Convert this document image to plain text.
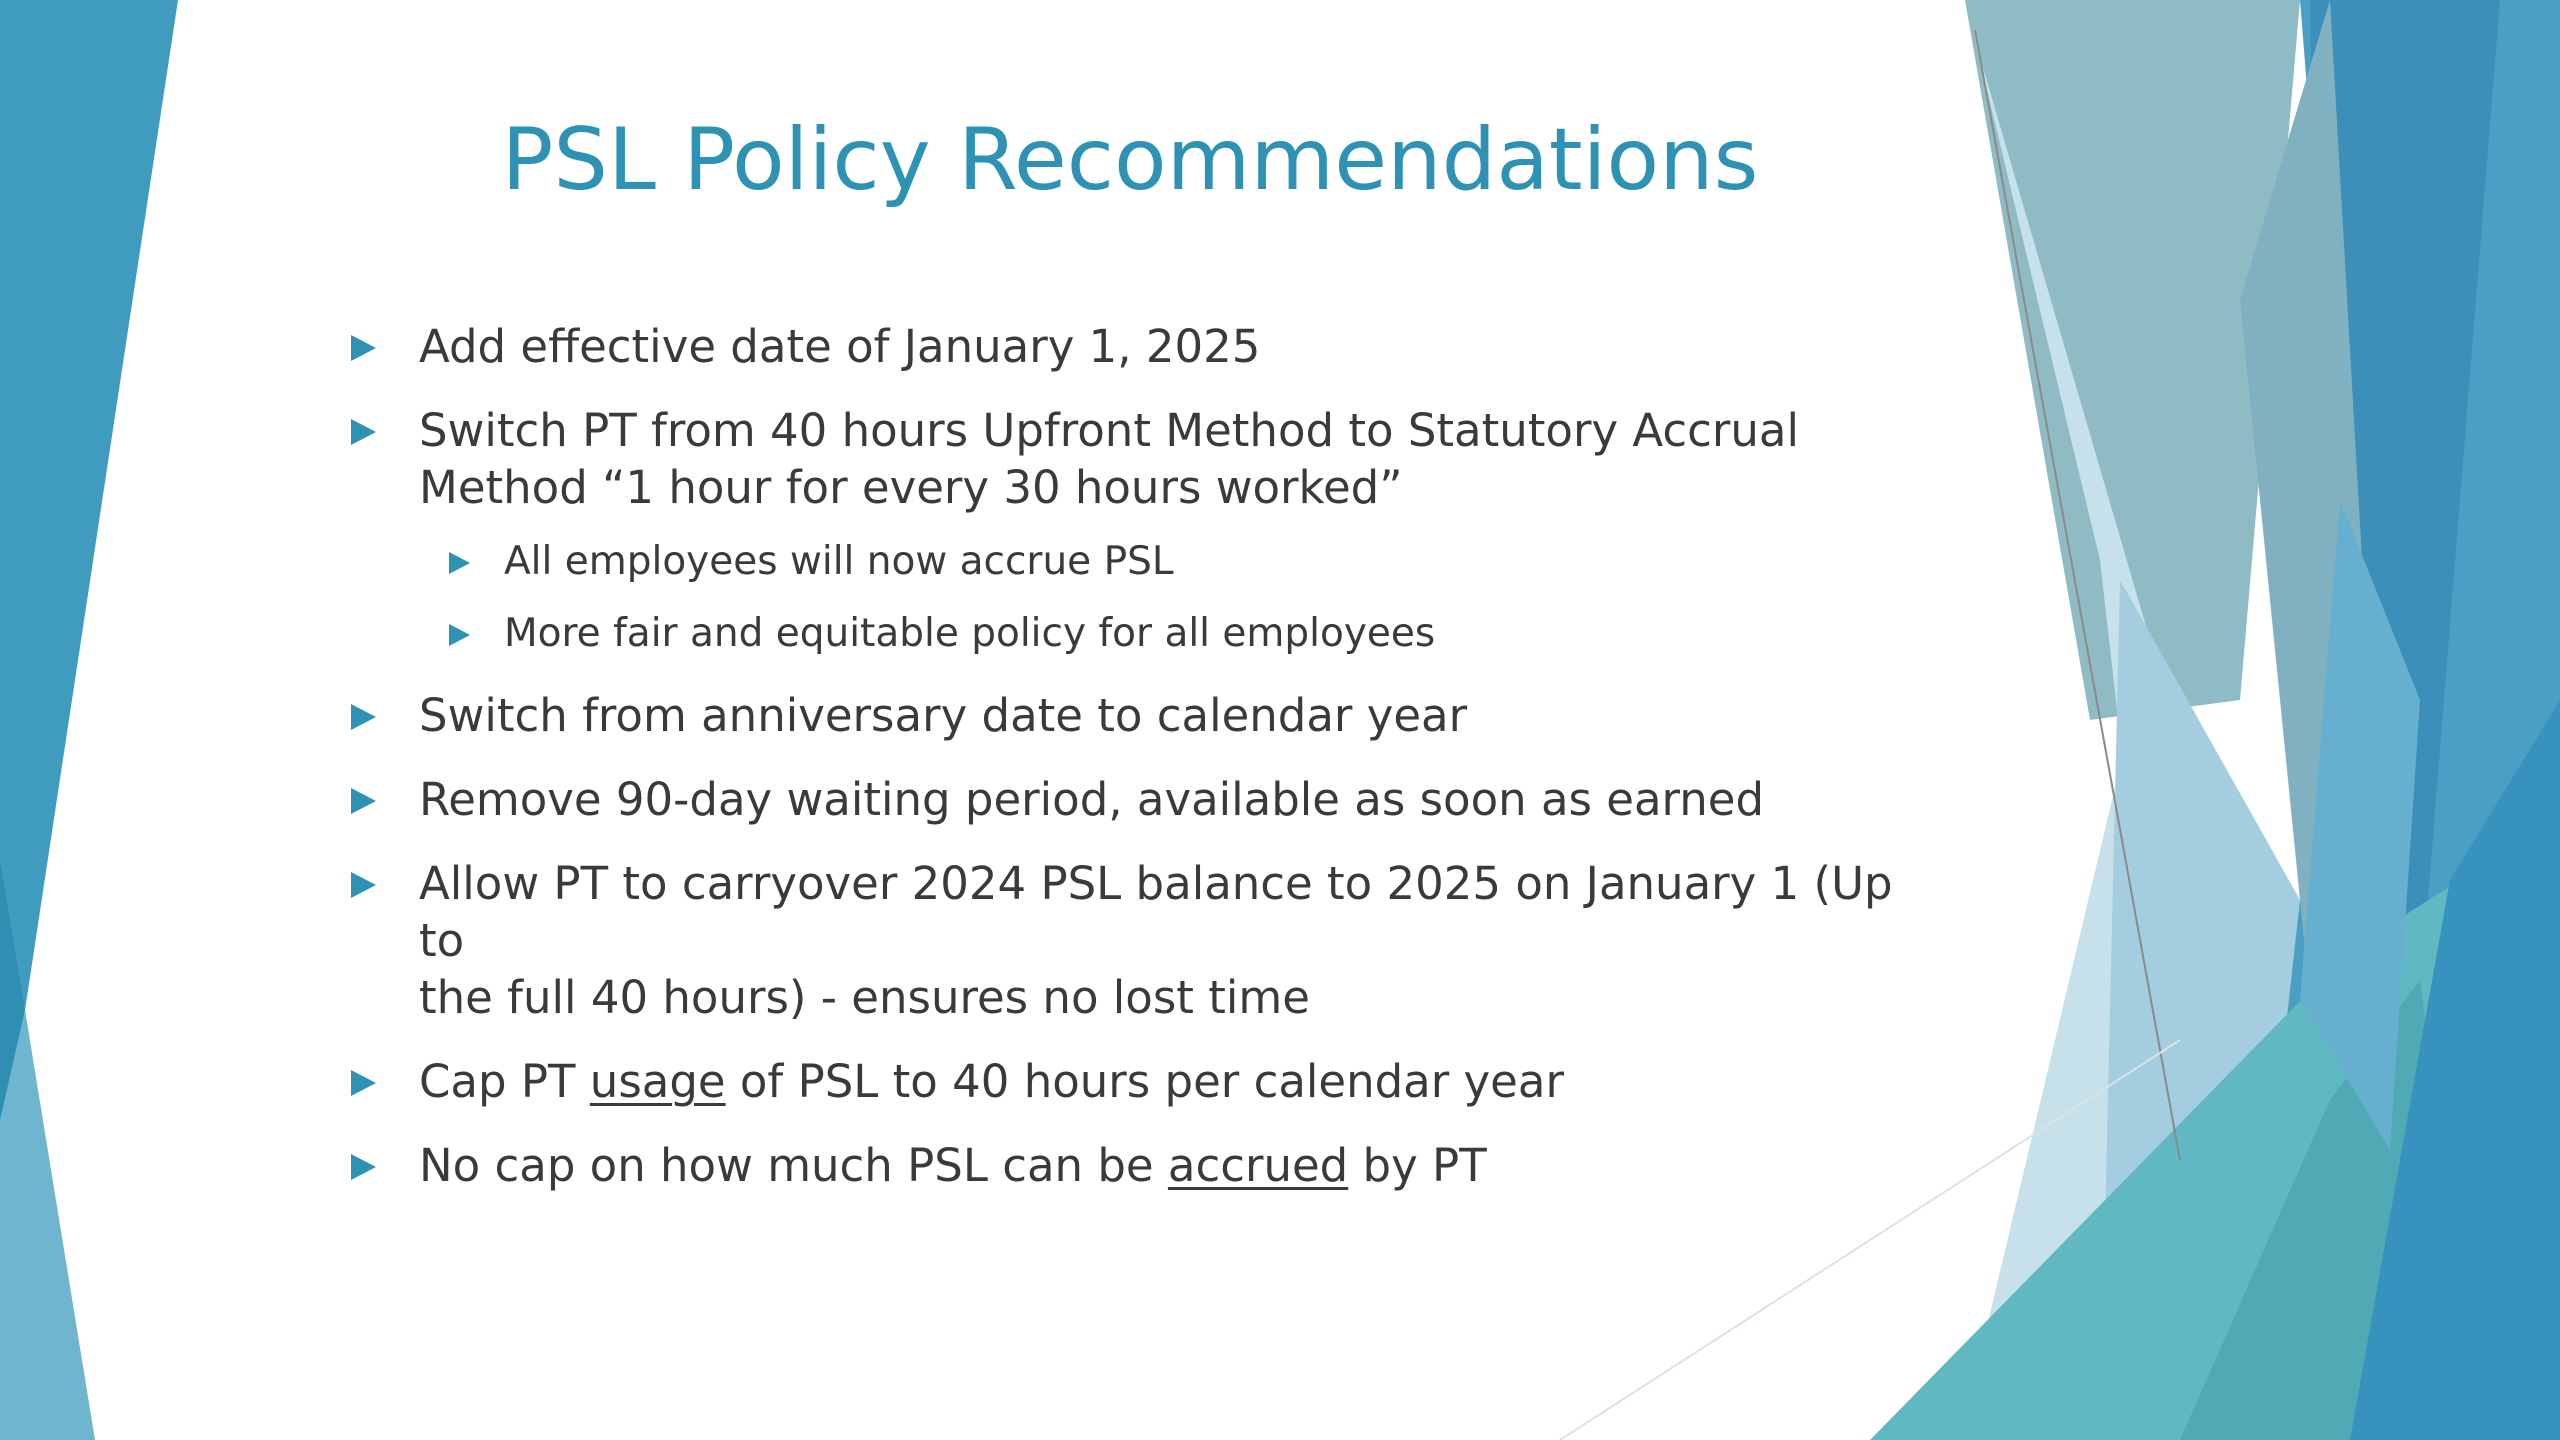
PSL Policy Recommendations
Add effective date of January 1, 2025
Switch PT from 40 hours Upfront Method to Statutory Accrual
Method “1 hour for every 30 hours worked”
All employees will now accrue PSL
More fair and equitable policy for all employees
Switch from anniversary date to calendar year
Remove 90-day waiting period, available as soon as earned
Allow PT to carryover 2024 PSL balance to 2025 on January 1 (Up to
the full 40 hours) - ensures no lost time
Cap PT usage of PSL to 40 hours per calendar year
No cap on how much PSL can be accrued by PT
